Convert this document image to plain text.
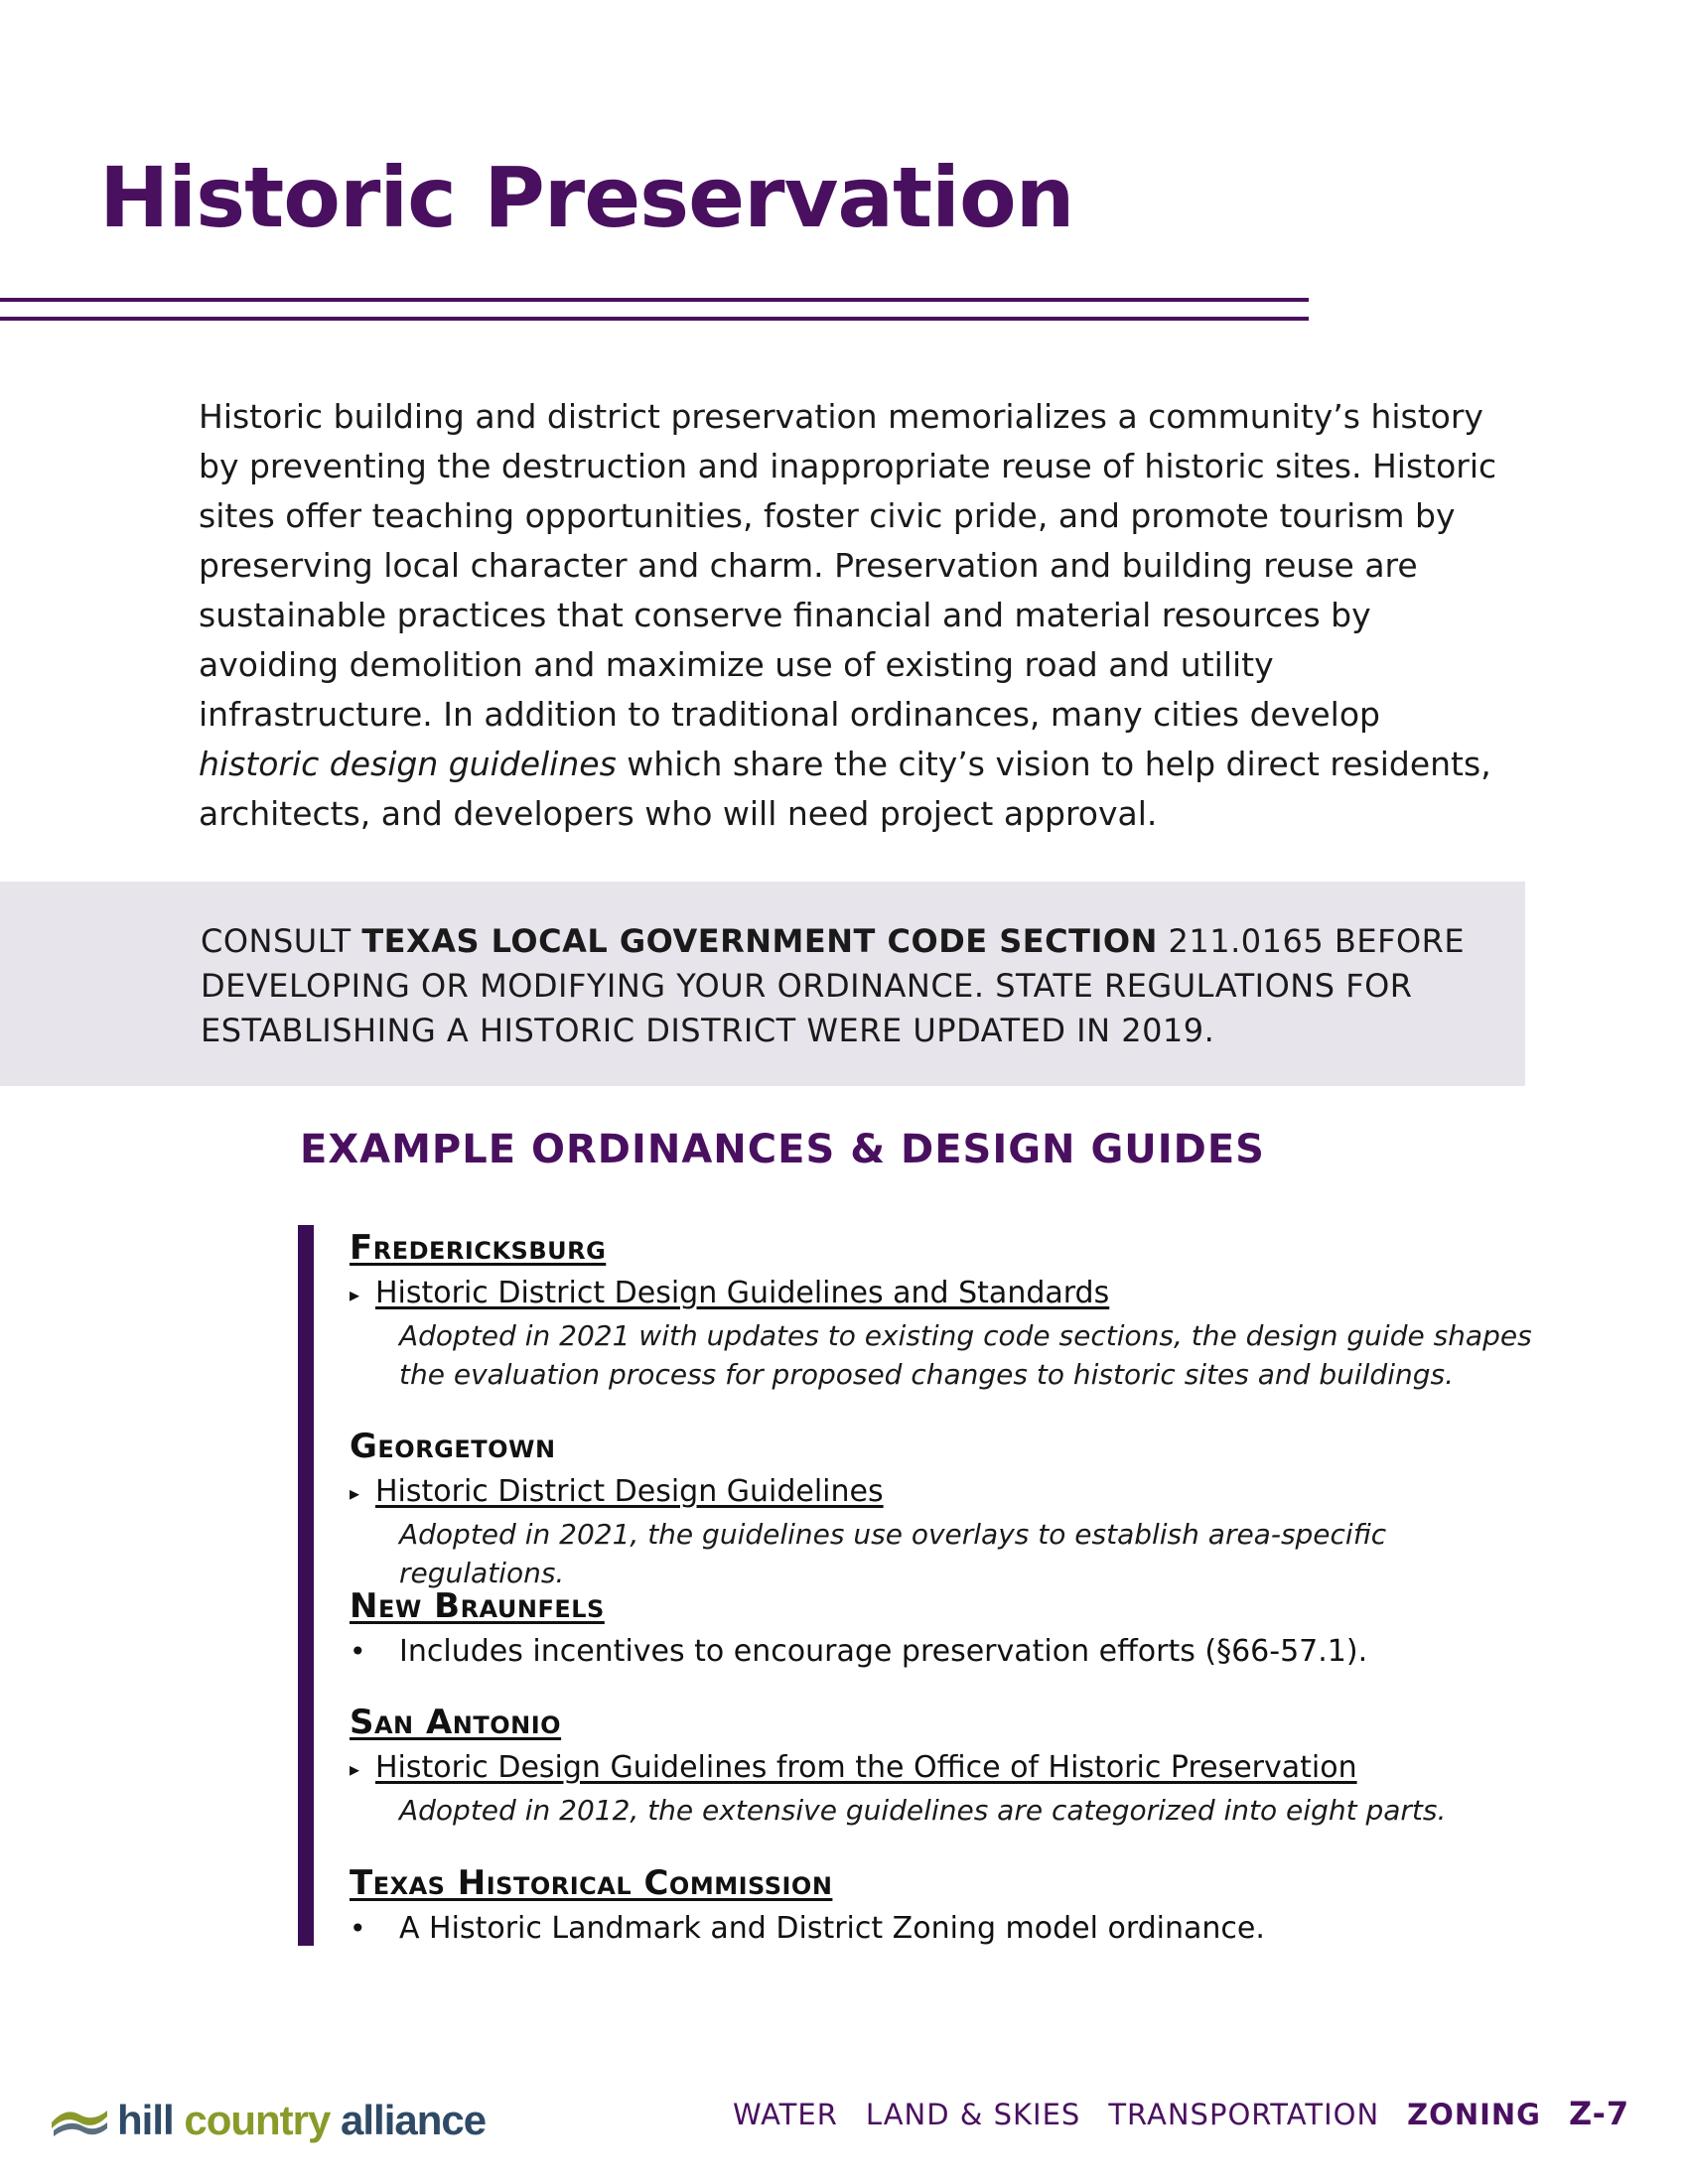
Historic Preservation

Historic building and district preservation memorializes a community’s history by preventing the destruction and inappropriate reuse of historic sites. Historic sites offer teaching opportunities, foster civic pride, and promote tourism by preserving local character and charm. Preservation and building reuse are sustainable practices that conserve financial and material resources by avoiding demolition and maximize use of existing road and utility infrastructure. In addition to traditional ordinances, many cities develop historic design guidelines which share the city’s vision to help direct residents, architects, and developers who will need project approval.

CONSULT TEXAS LOCAL GOVERNMENT CODE SECTION 211.0165 BEFORE DEVELOPING OR MODIFYING YOUR ORDINANCE. STATE REGULATIONS FOR ESTABLISHING A HISTORIC DISTRICT WERE UPDATED IN 2019.

EXAMPLE ORDINANCES & DESIGN GUIDES
Fredericksburg
▸ Historic District Design Guidelines and Standards
Adopted in 2021 with updates to existing code sections, the design guide shapes
the evaluation process for proposed changes to historic sites and buildings.
Georgetown
▸ Historic District Design Guidelines
Adopted in 2021, the guidelines use overlays to establish area-specific regulations.
New Braunfels
• Includes incentives to encourage preservation efforts (§66-57.1).
San Antonio
▸ Historic Design Guidelines from the Office of Historic Preservation
Adopted in 2012, the extensive guidelines are categorized into eight parts.
Texas Historical Commission
• A Historic Landmark and District Zoning model ordinance.
hill country alliance	WATER LAND & SKIES TRANSPORTATION ZONING Z-7
